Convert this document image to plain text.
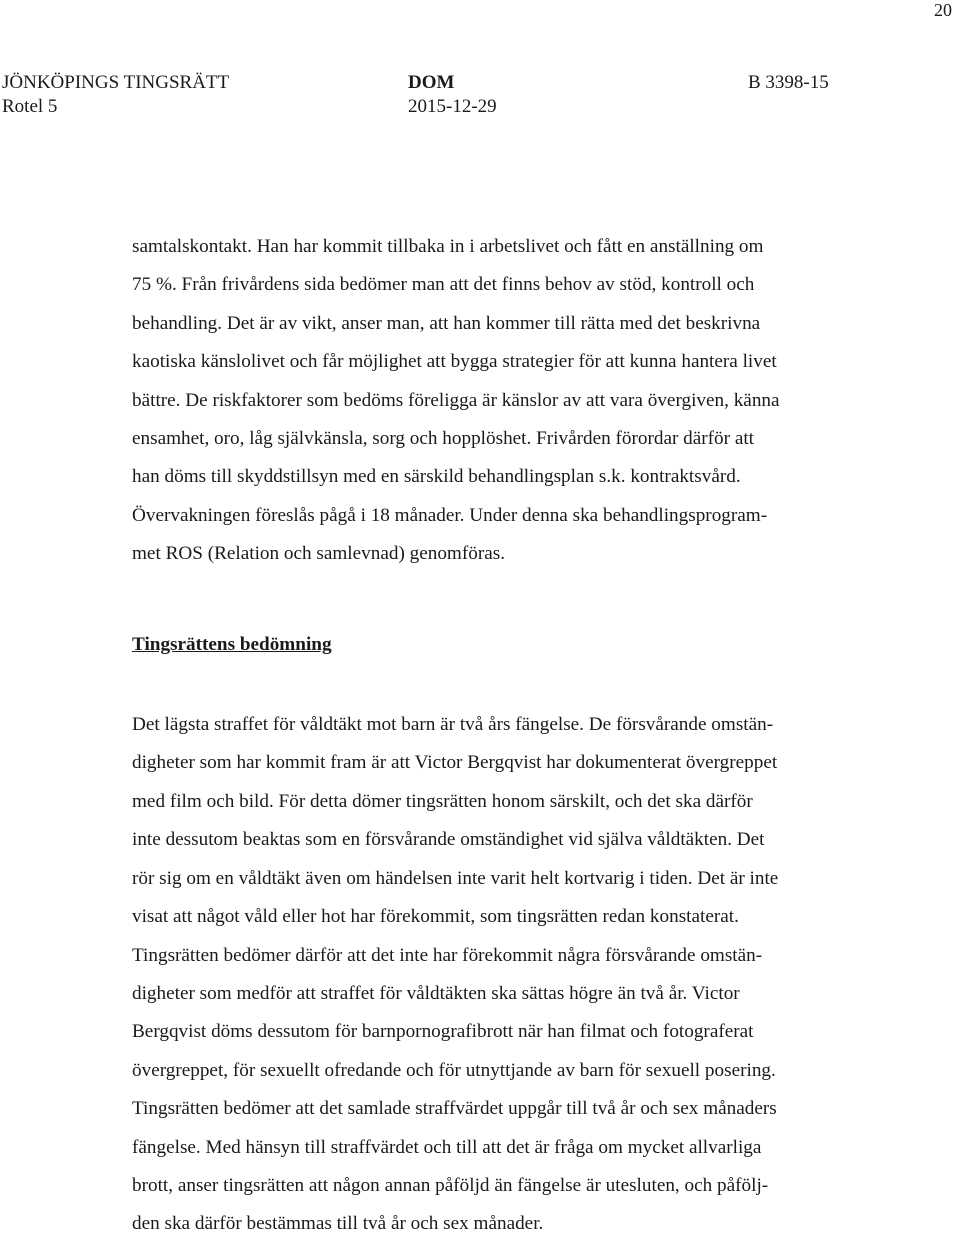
20
JÖNKÖPINGS TINGSRÄTT	DOM	B 3398-15
Rotel 5	2015-12-29
samtalskontakt. Han har kommit tillbaka in i arbetslivet och fått en anställning om
75 %. Från frivårdens sida bedömer man att det finns behov av stöd, kontroll och
behandling. Det är av vikt, anser man, att han kommer till rätta med det beskrivna
kaotiska känslolivet och får möjlighet att bygga strategier för att kunna hantera livet
bättre. De riskfaktorer som bedöms föreligga är känslor av att vara övergiven, känna
ensamhet, oro, låg självkänsla, sorg och hopplöshet. Frivården förordar därför att
han döms till skyddstillsyn med en särskild behandlingsplan s.k. kontraktsvård.
Övervakningen föreslås pågå i 18 månader. Under denna ska behandlingsprogram-
met ROS (Relation och samlevnad) genomföras.
Tingsrättens bedömning
Det lägsta straffet för våldtäkt mot barn är två års fängelse. De försvårande omstän-
digheter som har kommit fram är att Victor Bergqvist har dokumenterat övergreppet
med film och bild. För detta dömer tingsrätten honom särskilt, och det ska därför
inte dessutom beaktas som en försvårande omständighet vid själva våldtäkten. Det
rör sig om en våldtäkt även om händelsen inte varit helt kortvarig i tiden. Det är inte
visat att något våld eller hot har förekommit, som tingsrätten redan konstaterat.
Tingsrätten bedömer därför att det inte har förekommit några försvårande omstän-
digheter som medför att straffet för våldtäkten ska sättas högre än två år. Victor
Bergqvist döms dessutom för barnpornografibrott när han filmat och fotograferat
övergreppet, för sexuellt ofredande och för utnyttjande av barn för sexuell posering.
Tingsrätten bedömer att det samlade straffvärdet uppgår till två år och sex månaders
fängelse. Med hänsyn till straffvärdet och till att det är fråga om mycket allvarliga
brott, anser tingsrätten att någon annan påföljd än fängelse är utesluten, och påfölj-
den ska därför bestämmas till två år och sex månader.
